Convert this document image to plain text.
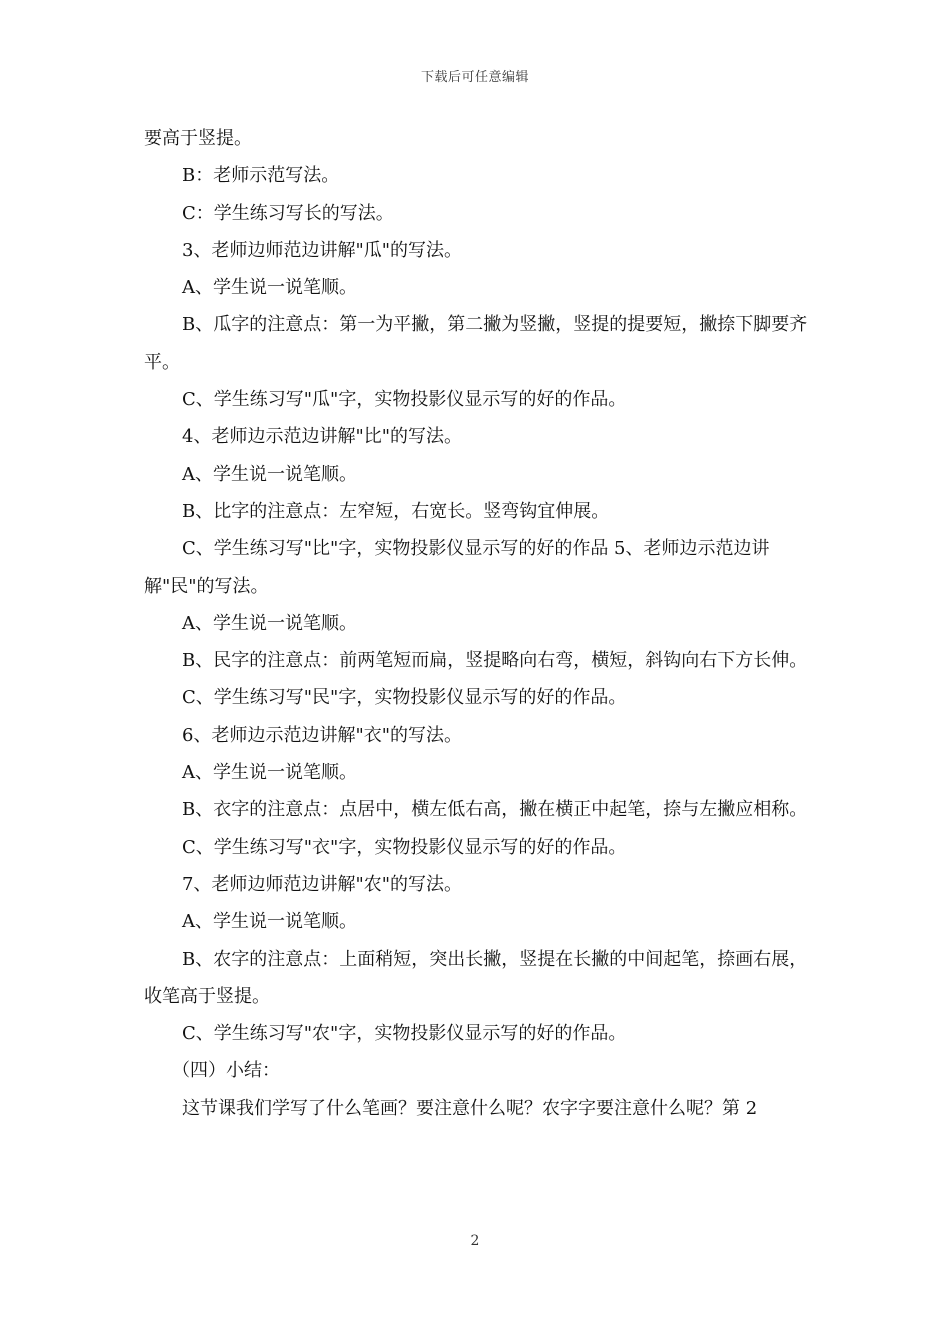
下载后可任意编辑

要高于竖提。

B：老师示范写法。

C：学生练习写长的写法。

3、老师边师范边讲解"瓜"的写法。

A、学生说一说笔顺。

B、瓜字的注意点：第一为平撇，第二撇为竖撇，竖提的提要短，撇捺下脚要齐平。

C、学生练习写"瓜"字，实物投影仪显示写的好的作品。

4、老师边示范边讲解"比"的写法。

A、学生说一说笔顺。

B、比字的注意点：左窄短，右宽长。竖弯钩宜伸展。

C、学生练习写"比"字，实物投影仪显示写的好的作品 5、老师边示范边讲解"民"的写法。

A、学生说一说笔顺。

B、民字的注意点：前两笔短而扁，竖提略向右弯，横短，斜钩向右下方长伸。

C、学生练习写"民"字，实物投影仪显示写的好的作品。

6、老师边示范边讲解"衣"的写法。

A、学生说一说笔顺。

B、衣字的注意点：点居中，横左低右高，撇在横正中起笔，捺与左撇应相称。

C、学生练习写"衣"字，实物投影仪显示写的好的作品。

7、老师边师范边讲解"农"的写法。

A、学生说一说笔顺。

B、农字的注意点：上面稍短，突出长撇，竖提在长撇的中间起笔，捺画右展，收笔高于竖提。

C、学生练习写"农"字，实物投影仪显示写的好的作品。

（四）小结：

这节课我们学写了什么笔画？要注意什么呢？农字字要注意什么呢？第 2

2
